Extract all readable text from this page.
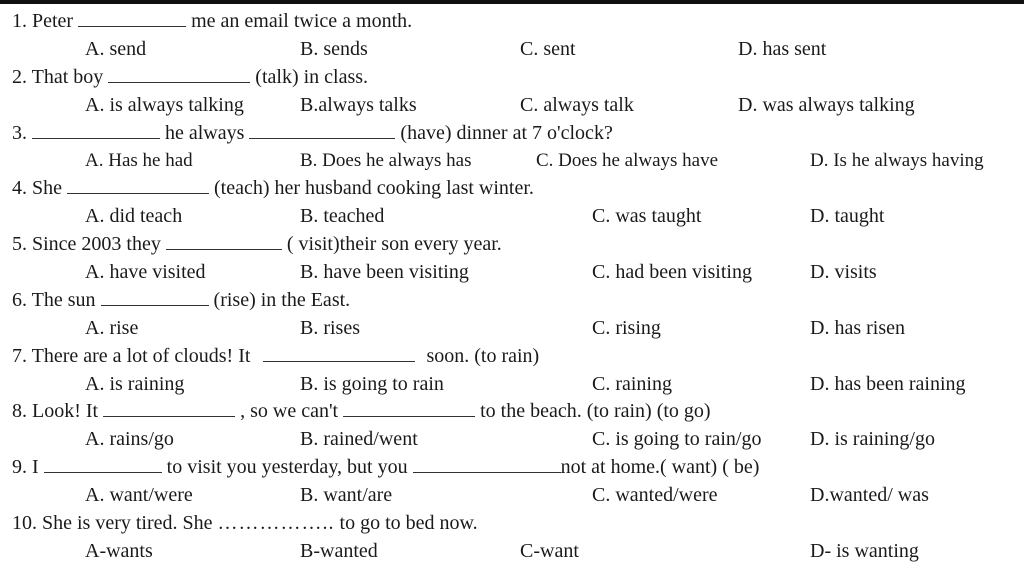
1. Peter	me an email twice a month.
A. send	B. sends	C. sent	D. has sent
2. That boy	(talk) in class.
A. is always talking	B.always talks	C. always talk	D. was always talking
3.	he always	(have) dinner at 7 o'clock?
A. Has he had	B. Does he always has	C. Does he always have	D. Is he always having
4. She	(teach) her husband cooking last winter.
A. did teach	B. teached	C. was taught	D. taught
5. Since 2003 they	( visit)their son every year.
A. have visited	B. have been visiting	C. had been visiting	D. visits
6. The sun	(rise) in the East.
A. rise	B. rises	C. rising	D. has risen
7. There are a lot of clouds! It	soon. (to rain)
A. is raining	B. is going to rain	C. raining	D. has been raining
8. Look! It	, so we can't	to the beach. (to rain) (to go)
A. rains/go	B. rained/went	C. is going to rain/go D. is raining/go
9. I	to visit you yesterday, but you	not at home.( want) ( be)
A. want/were	B. want/are	C. wanted/were	D.wanted/ was
10. She is very tired. She …………….. to go to bed now.
A-wants	B-wanted	C-want	D- is wanting
